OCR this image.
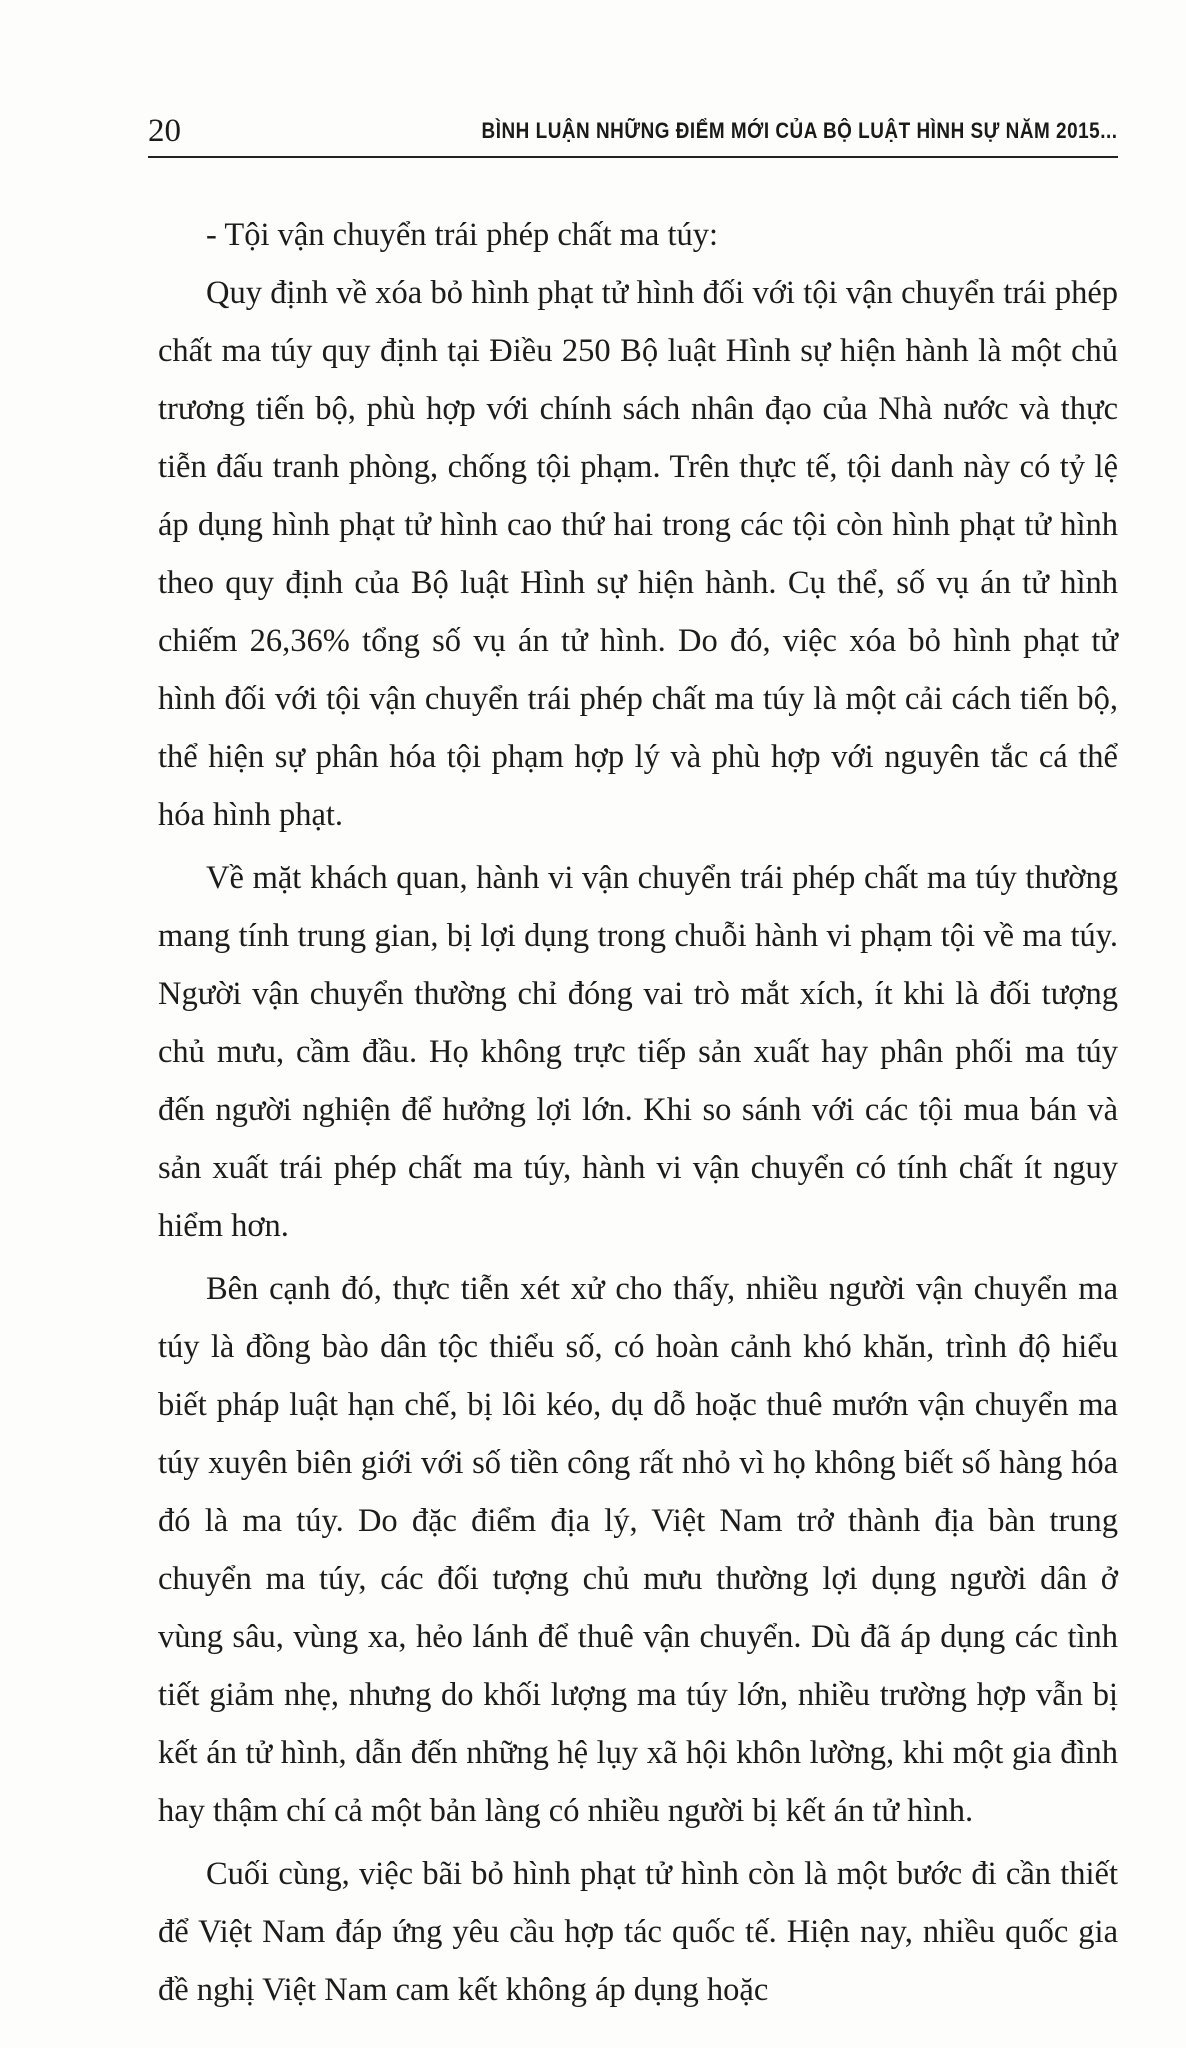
20	BÌNH LUẬN NHỮNG ĐIỂM MỚI CỦA BỘ LUẬT HÌNH SỰ NĂM 2015...

- Tội vận chuyển trái phép chất ma túy:

Quy định về xóa bỏ hình phạt tử hình đối với tội vận chuyển trái phép chất ma túy quy định tại Điều 250 Bộ luật Hình sự hiện hành là một chủ trương tiến bộ, phù hợp với chính sách nhân đạo của Nhà nước và thực tiễn đấu tranh phòng, chống tội phạm. Trên thực tế, tội danh này có tỷ lệ áp dụng hình phạt tử hình cao thứ hai trong các tội còn hình phạt tử hình theo quy định của Bộ luật Hình sự hiện hành. Cụ thể, số vụ án tử hình chiếm 26,36% tổng số vụ án tử hình. Do đó, việc xóa bỏ hình phạt tử hình đối với tội vận chuyển trái phép chất ma túy là một cải cách tiến bộ, thể hiện sự phân hóa tội phạm hợp lý và phù hợp với nguyên tắc cá thể hóa hình phạt.

Về mặt khách quan, hành vi vận chuyển trái phép chất ma túy thường mang tính trung gian, bị lợi dụng trong chuỗi hành vi phạm tội về ma túy. Người vận chuyển thường chỉ đóng vai trò mắt xích, ít khi là đối tượng chủ mưu, cầm đầu. Họ không trực tiếp sản xuất hay phân phối ma túy đến người nghiện để hưởng lợi lớn. Khi so sánh với các tội mua bán và sản xuất trái phép chất ma túy, hành vi vận chuyển có tính chất ít nguy hiểm hơn.

Bên cạnh đó, thực tiễn xét xử cho thấy, nhiều người vận chuyển ma túy là đồng bào dân tộc thiểu số, có hoàn cảnh khó khăn, trình độ hiểu biết pháp luật hạn chế, bị lôi kéo, dụ dỗ hoặc thuê mướn vận chuyển ma túy xuyên biên giới với số tiền công rất nhỏ vì họ không biết số hàng hóa đó là ma túy. Do đặc điểm địa lý, Việt Nam trở thành địa bàn trung chuyển ma túy, các đối tượng chủ mưu thường lợi dụng người dân ở vùng sâu, vùng xa, hẻo lánh để thuê vận chuyển. Dù đã áp dụng các tình tiết giảm nhẹ, nhưng do khối lượng ma túy lớn, nhiều trường hợp vẫn bị kết án tử hình, dẫn đến những hệ lụy xã hội khôn lường, khi một gia đình hay thậm chí cả một bản làng có nhiều người bị kết án tử hình.

Cuối cùng, việc bãi bỏ hình phạt tử hình còn là một bước đi cần thiết để Việt Nam đáp ứng yêu cầu hợp tác quốc tế. Hiện nay, nhiều quốc gia đề nghị Việt Nam cam kết không áp dụng hoặc
